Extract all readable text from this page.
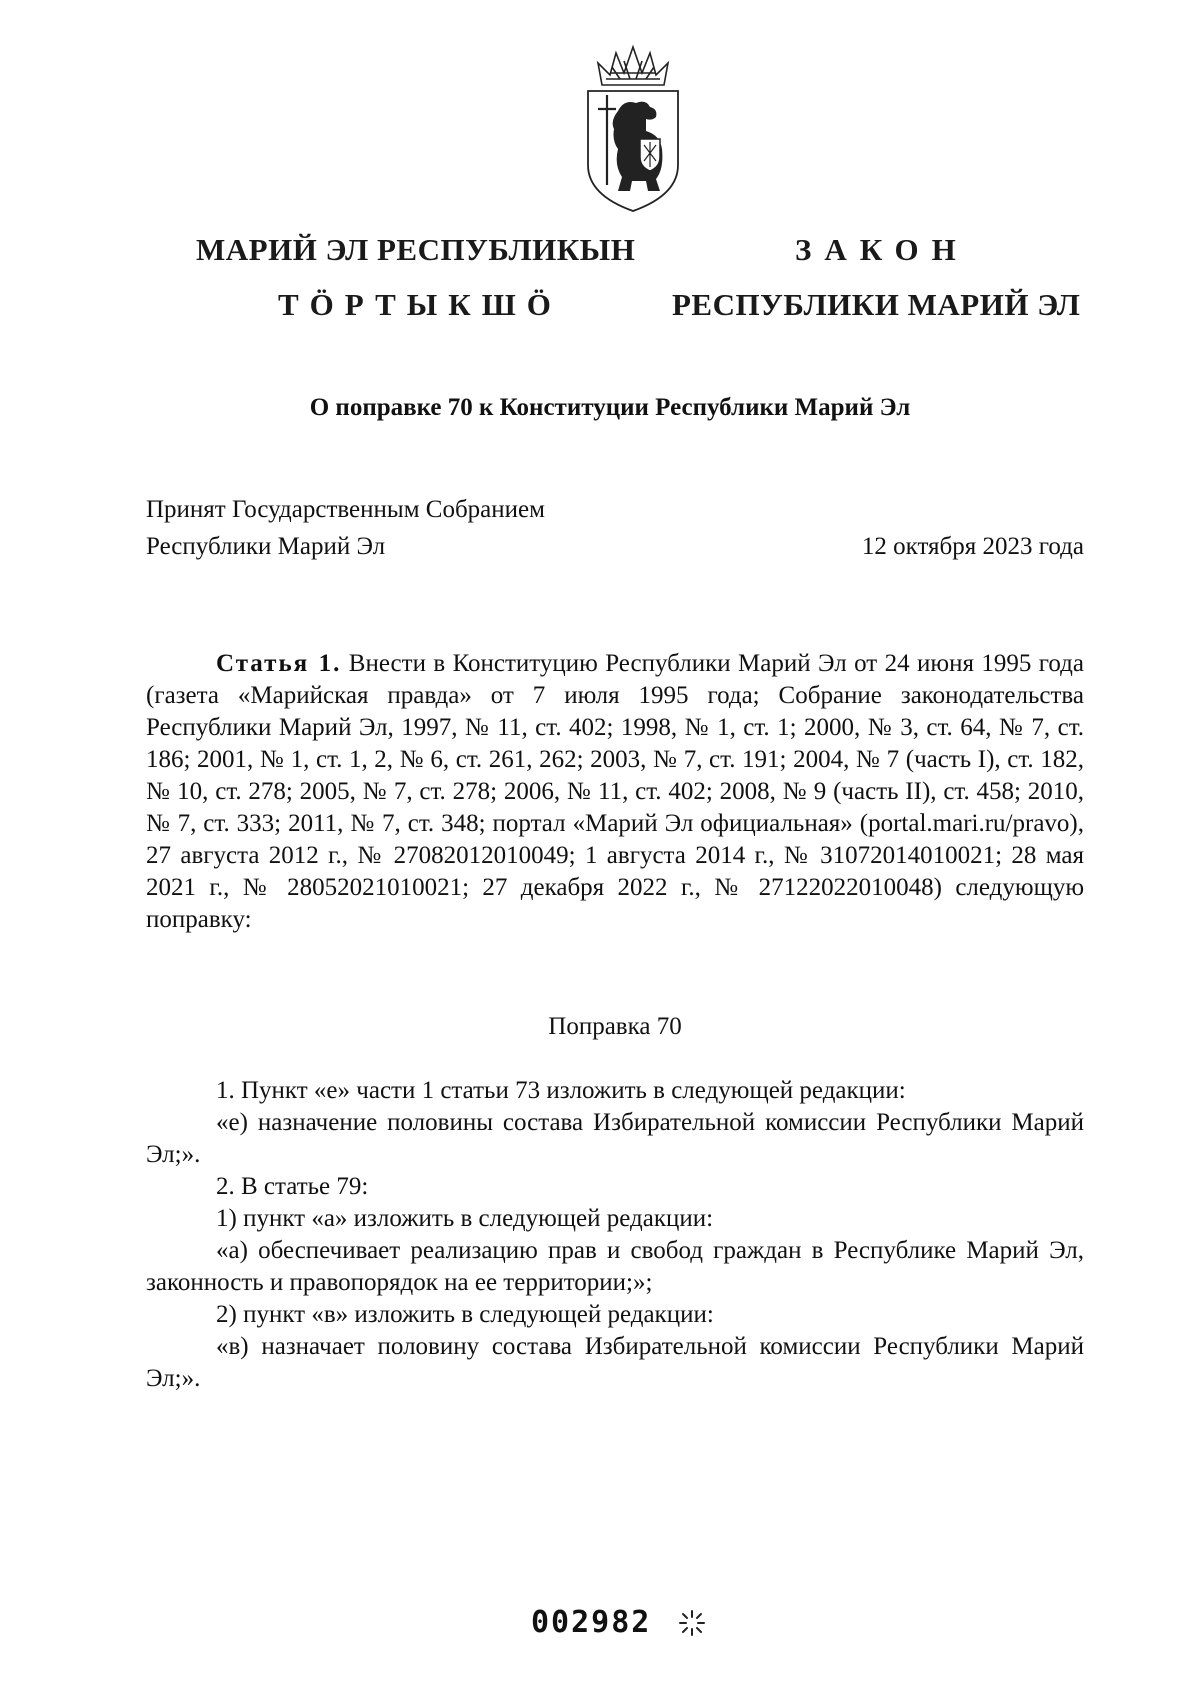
МАРИЙ ЭЛ РЕСПУБЛИКЫН
ТӦРТЫКШӦ
ЗАКОН
РЕСПУБЛИКИ МАРИЙ ЭЛ
О поправке 70 к Конституции Республики Марий Эл
Принят Государственным Собранием
Республики Марий Эл	12 октября 2023 года

Статья 1. Внести в Конституцию Республики Марий Эл от 24 июня 1995 года (газета «Марийская правда» от 7 июля 1995 года; Собрание законодательства Республики Марий Эл, 1997, № 11, ст. 402; 1998, № 1, ст. 1; 2000, № 3, ст. 64, № 7, ст. 186; 2001, № 1, ст. 1, 2, № 6, ст. 261, 262; 2003, № 7, ст. 191; 2004, № 7 (часть I), ст. 182, № 10, ст. 278; 2005, № 7, ст. 278; 2006, № 11, ст. 402; 2008, № 9 (часть II), ст. 458; 2010, № 7, ст. 333; 2011, № 7, ст. 348; портал «Марий Эл официальная» (portal.mari.ru/pravo), 27 августа 2012 г., № 27082012010049; 1 августа 2014 г., № 31072014010021; 28 мая 2021 г., № 28052021010021; 27 декабря 2022 г., № 27122022010048) следующую поправку:

Поправка 70

1. Пункт «е» части 1 статьи 73 изложить в следующей редакции:

«е) назначение половины состава Избирательной комиссии Республики Марий Эл;».

2. В статье 79:

1) пункт «а» изложить в следующей редакции:

«а) обеспечивает реализацию прав и свобод граждан в Республике Марий Эл, законность и правопорядок на ее территории;»;

2) пункт «в» изложить в следующей редакции:

«в) назначает половину состава Избирательной комиссии Республики Марий Эл;».

002982
